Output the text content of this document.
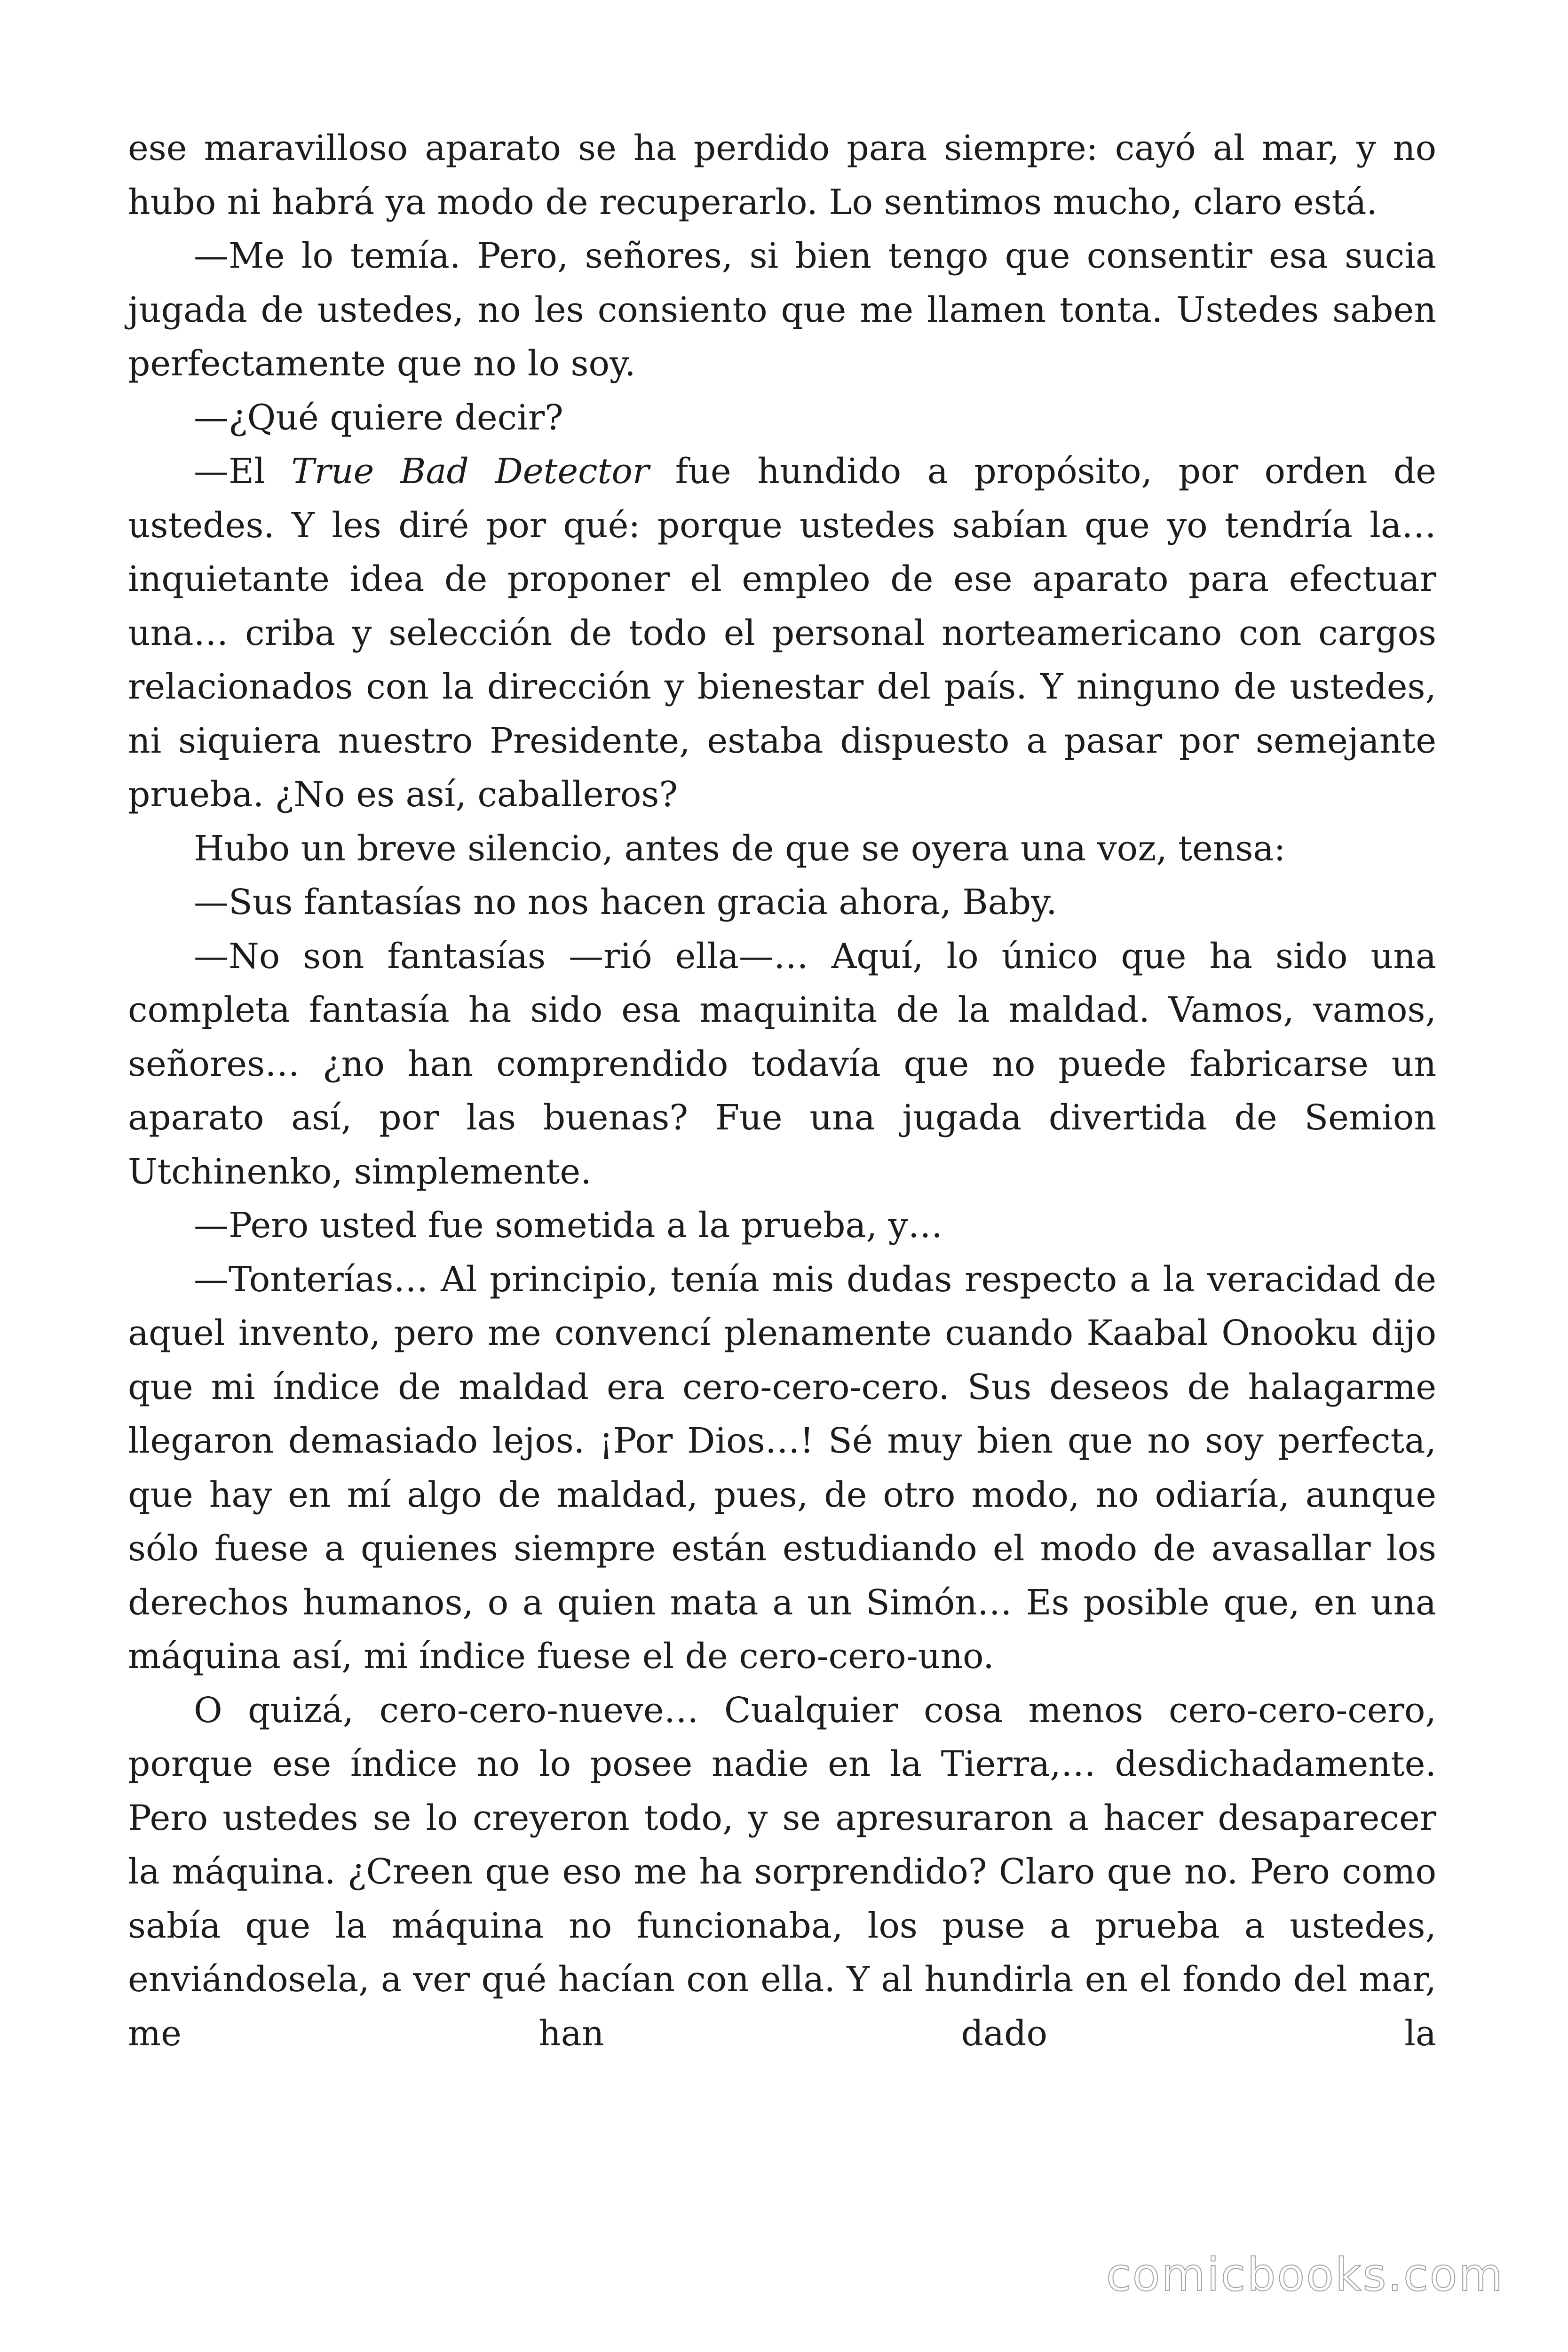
ese maravilloso aparato se ha perdido para siempre: cayó al mar, y no hubo ni habrá ya modo de recuperarlo. Lo sentimos mucho, claro está.

—Me lo temía. Pero, señores, si bien tengo que consentir esa sucia jugada de ustedes, no les consiento que me llamen tonta. Ustedes saben perfectamente que no lo soy.

—¿Qué quiere decir?

—El True Bad Detector fue hundido a propósito, por orden de ustedes. Y les diré por qué: porque ustedes sabían que yo tendría la… inquietante idea de proponer el empleo de ese aparato para efectuar una… criba y selección de todo el personal norteamericano con cargos relacionados con la dirección y bienestar del país. Y ninguno de ustedes, ni siquiera nuestro Presidente, estaba dispuesto a pasar por semejante prueba. ¿No es así, caballeros?

Hubo un breve silencio, antes de que se oyera una voz, tensa:

—Sus fantasías no nos hacen gracia ahora, Baby.

—No son fantasías —rió ella—… Aquí, lo único que ha sido una completa fantasía ha sido esa maquinita de la maldad. Vamos, vamos, señores… ¿no han comprendido todavía que no puede fabricarse un aparato así, por las buenas? Fue una jugada divertida de Semion Utchinenko, simplemente.

—Pero usted fue sometida a la prueba, y…

—Tonterías… Al principio, tenía mis dudas respecto a la veracidad de aquel invento, pero me convencí plenamente cuando Kaabal Onooku dijo que mi índice de maldad era cero-cero-cero. Sus deseos de halagarme llegaron demasiado lejos. ¡Por Dios…! Sé muy bien que no soy perfecta, que hay en mí algo de maldad, pues, de otro modo, no odiaría, aunque sólo fuese a quienes siempre están estudiando el modo de avasallar los derechos humanos, o a quien mata a un Simón… Es posible que, en una máquina así, mi índice fuese el de cero-cero-uno.

O quizá, cero-cero-nueve… Cualquier cosa menos cero-cero-cero, porque ese índice no lo posee nadie en la Tierra,… desdichadamente. Pero ustedes se lo creyeron todo, y se apresuraron a hacer desaparecer la máquina. ¿Creen que eso me ha sorprendido? Claro que no. Pero como sabía que la máquina no funcionaba, los puse a prueba a ustedes, enviándosela, a ver qué hacían con ella. Y al hundirla en el fondo del mar, me han dado la

comicbooks.com
